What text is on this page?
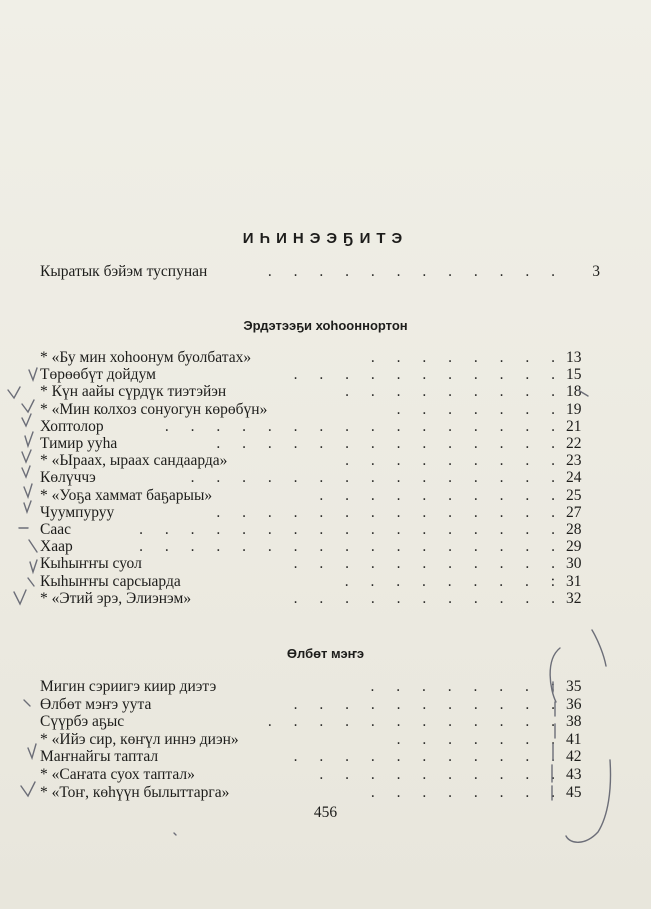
ИҺИНЭЭҔИТЭ
Кыратык бэйэм туспунан	. . . . . . . . . . . .	3
Эрдэтээҕи хоһооннортон
* «Бу мин хоһоонум буолбатах»	. . . . . . . . 13
Төрөөбүт дойдум	. . . . . . . . . . . 15
* Күн аайы сүрдүк тиэтэйэн	. . . . . . . . . 18
* «Мин колхоз сонуогун көрөбүн»	. . . . . . . 19
Хоптолор	. . . . . . . . . . . . . . . . 21
Тимир ууһа	. . . . . . . . . . . . . . 22
* «Ыраах, ыраах сандаарда»	. . . . . . . . . 23
Көлүччэ	. . . . . . . . . . . . . . . 24
* «Уоҕа хаммат баҕарыы»	. . . . . . . . . . 25
Чуумпуруу	. . . . . . . . . . . . . . 27
Саас	. . . . . . . . . . . . . . . . . 28
Хаар	. . . . . . . . . . . . . . . . . 29
Кыһыҥҥы суол	. . . . . . . . . . . 30
Кыһыҥҥы сарсыарда	. . . . . . . . : 31
* «Этий эрэ, Элиэнэм»	. . . . . . . . . . . 32
Өлбөт мэҥэ
Мигин сэриигэ киир диэтэ	. . . . . . . : 35
Өлбөт мэҥэ уута	. . . . . . . . . . . 36
Сүүрбэ аҕыс	. . . . . . . . . . . . 38
* «Ийэ сир, көҥүл иннэ диэн»	. . . . . . . 41
Маҥнайгы таптал	. . . . . . . . . . . 42
* «Саҥата суох таптал»	. . . . . . . . . . 43
* «Тоҥ, көһүүн былыттарга»	. . . . . . . . 45
456
